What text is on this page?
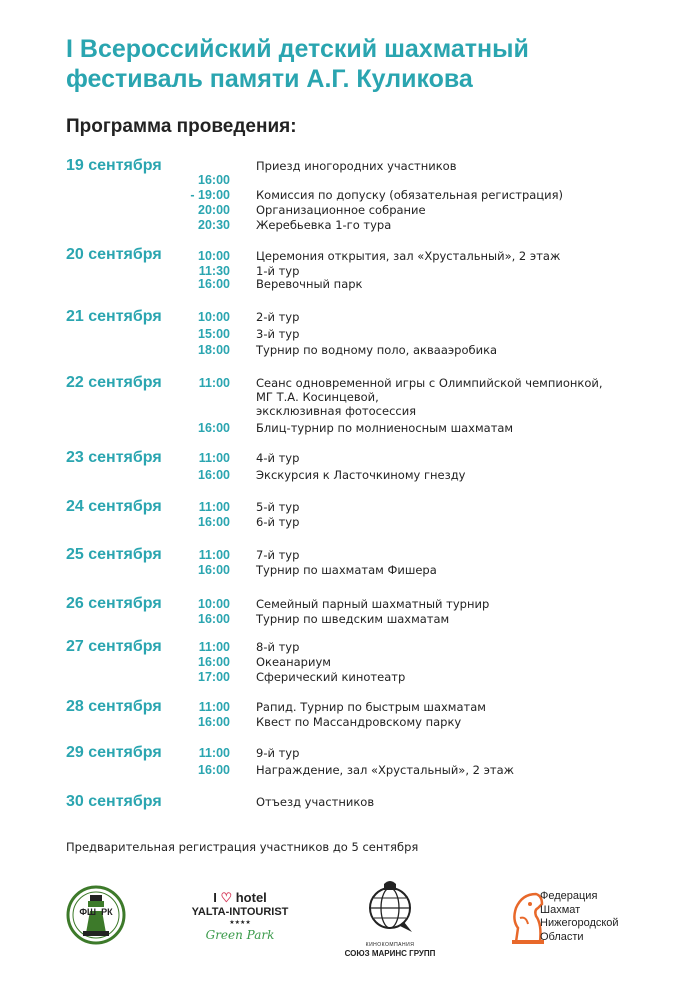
I Всероссийский детский шахматный
фестиваль памяти А.Г. Куликова
Программа проведения:
19 сентября	Приезд иногородних участников
16:00
- 19:00 Комиссия по допуску (обязательная регистрация)
20:00 Организационное собрание
20:30 Жеребьевка 1-го тура
20 сентября	10:00 Церемония открытия, зал «Хрустальный», 2 этаж
11:30 1-й тур
16:00 Веревочный парк
21 сентября	10:00 2-й тур
15:00 3-й тур
18:00 Турнир по водному поло, аквааэробика
22 сентября	11:00 Сеанс одновременной игры с Олимпийской чемпионкой,
МГ Т.А. Косинцевой,
эксклюзивная фотосессия
16:00 Блиц-турнир по молниеносным шахматам
23 сентября	11:00 4-й тур
16:00 Экскурсия к Ласточкиному гнезду
24 сентября	11:00 5-й тур
16:00 6-й тур
25 сентября	11:00 7-й тур
16:00 Турнир по шахматам Фишера
26 сентября	10:00 Семейный парный шахматный турнир
16:00 Турнир по шведским шахматам
27 сентября	11:00 8-й тур
16:00 Океанариум
17:00 Сферический кинотеатр
28 сентября	11:00 Рапид. Турнир по быстрым шахматам
16:00 Квест по Массандровскому парку
29 сентября	11:00 9-й тур
16:00 Награждение, зал «Хрустальный», 2 этаж
30 сентября	Отъезд участников
Предварительная регистрация участников до 5 сентября
ФШ  РК
I ♡ hotel
YALTA-INTOURIST
★★★★
Green Park
КИНОКОМПАНИЯ
СОЮЗ МАРИНС ГРУПП
Федерация
Шахмат
Нижегородской
Области
